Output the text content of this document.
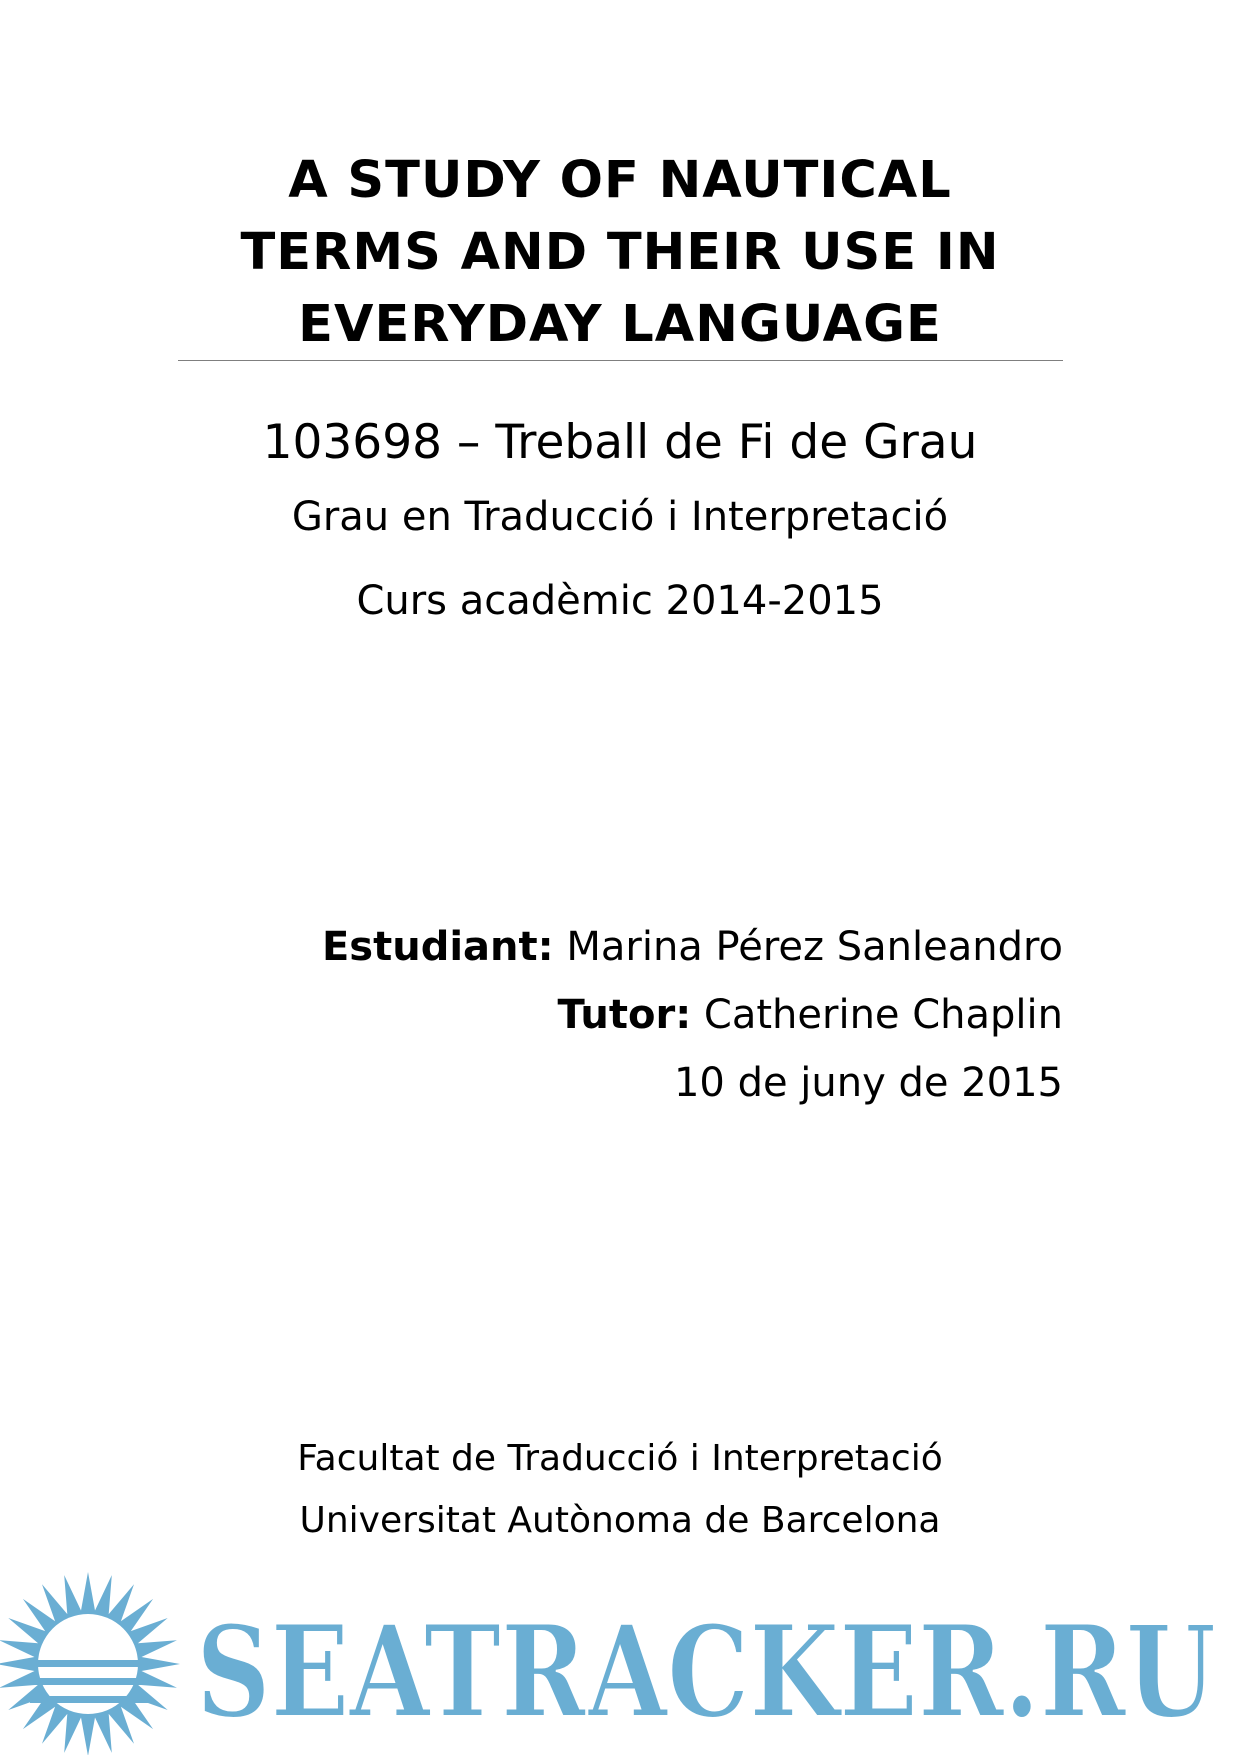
A STUDY OF NAUTICAL
TERMS AND THEIR USE IN
EVERYDAY LANGUAGE
103698 – Treball de Fi de Grau
Grau en Traducció i Interpretació
Curs acadèmic 2014-2015
Estudiant: Marina Pérez Sanleandro
Tutor: Catherine Chaplin
10 de juny de 2015
Facultat de Traducció i Interpretació
Universitat Autònoma de Barcelona
SEATRACKER.RU
